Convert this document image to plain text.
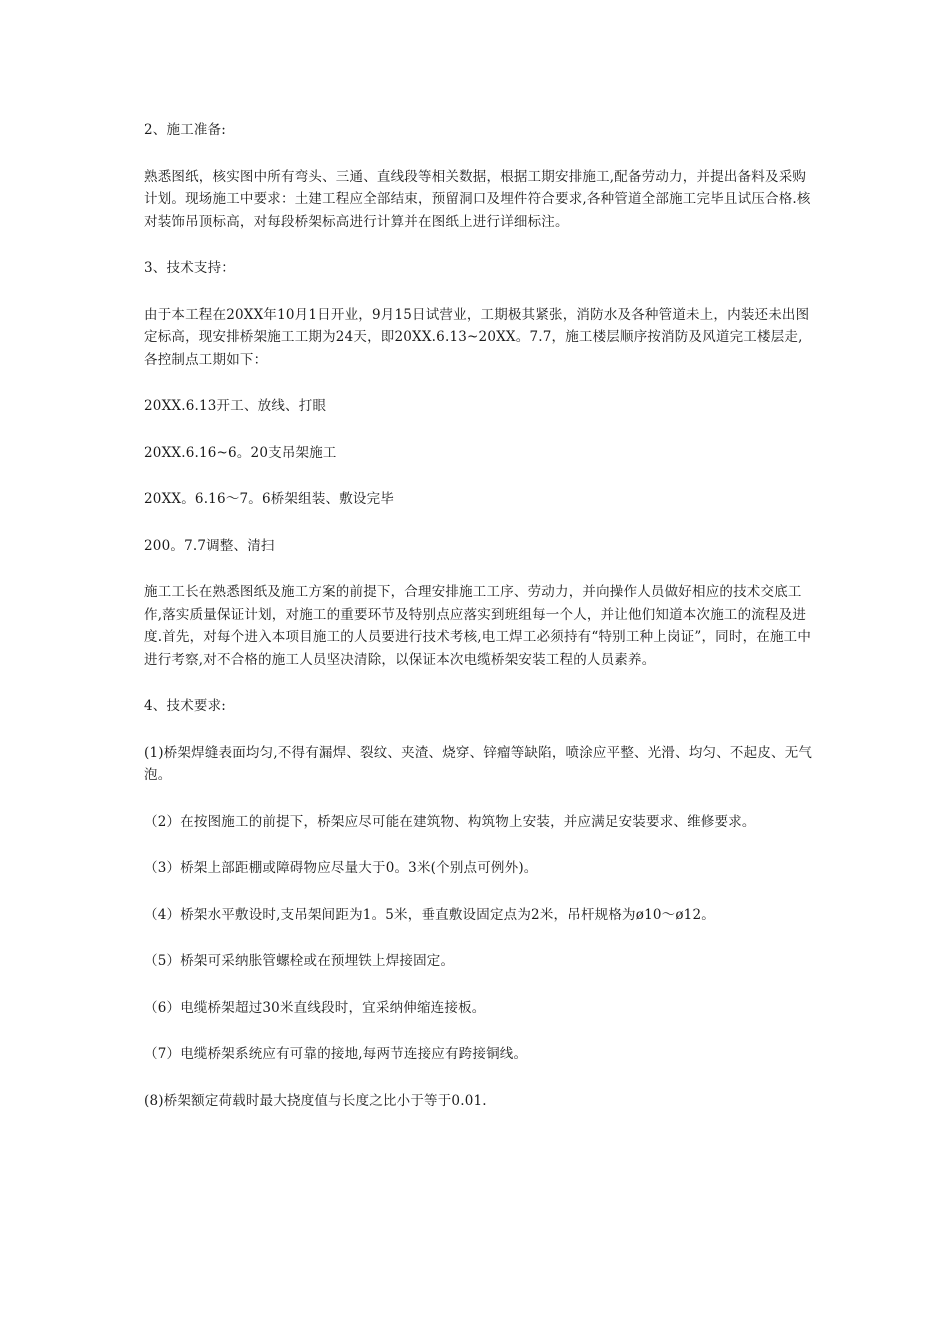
2、施工准备:

熟悉图纸，核实图中所有弯头、三通、直线段等相关数据，根据工期安排施工,配备劳动力，并提出备料及采购计划。现场施工中要求：土建工程应全部结束，预留洞口及埋件符合要求,各种管道全部施工完毕且试压合格.核对装饰吊顶标高，对每段桥架标高进行计算并在图纸上进行详细标注。

3、技术支持：

由于本工程在20XX年10月1日开业，9月15日试营业，工期极其紧张，消防水及各种管道未上，内装还未出图定标高，现安排桥架施工工期为24天，即20XX.6.13~20XX。7.7，施工楼层顺序按消防及风道完工楼层走,各控制点工期如下：

20XX.6.13开工、放线、打眼

20XX.6.16~6。20支吊架施工

20XX。6.16～7。6桥架组装、敷设完毕

200。7.7调整、清扫

施工工长在熟悉图纸及施工方案的前提下，合理安排施工工序、劳动力，并向操作人员做好相应的技术交底工作,落实质量保证计划，对施工的重要环节及特别点应落实到班组每一个人，并让他们知道本次施工的流程及进度.首先，对每个进入本项目施工的人员要进行技术考核,电工焊工必须持有“特别工种上岗证”，同时，在施工中进行考察,对不合格的施工人员坚决清除，以保证本次电缆桥架安装工程的人员素养。

4、技术要求:

(1)桥架焊缝表面均匀,不得有漏焊、裂纹、夹渣、烧穿、锌瘤等缺陷，喷涂应平整、光滑、均匀、不起皮、无气泡。

（2）在按图施工的前提下，桥架应尽可能在建筑物、构筑物上安装，并应满足安装要求、维修要求。

（3）桥架上部距棚或障碍物应尽量大于0。3米(个别点可例外)。

（4）桥架水平敷设时,支吊架间距为1。5米，垂直敷设固定点为2米，吊杆规格为ø10～ø12。

（5）桥架可采纳胀管螺栓或在预埋铁上焊接固定。

（6）电缆桥架超过30米直线段时，宜采纳伸缩连接板。

（7）电缆桥架系统应有可靠的接地,每两节连接应有跨接铜线。

(8)桥架额定荷载时最大挠度值与长度之比小于等于0.01.
